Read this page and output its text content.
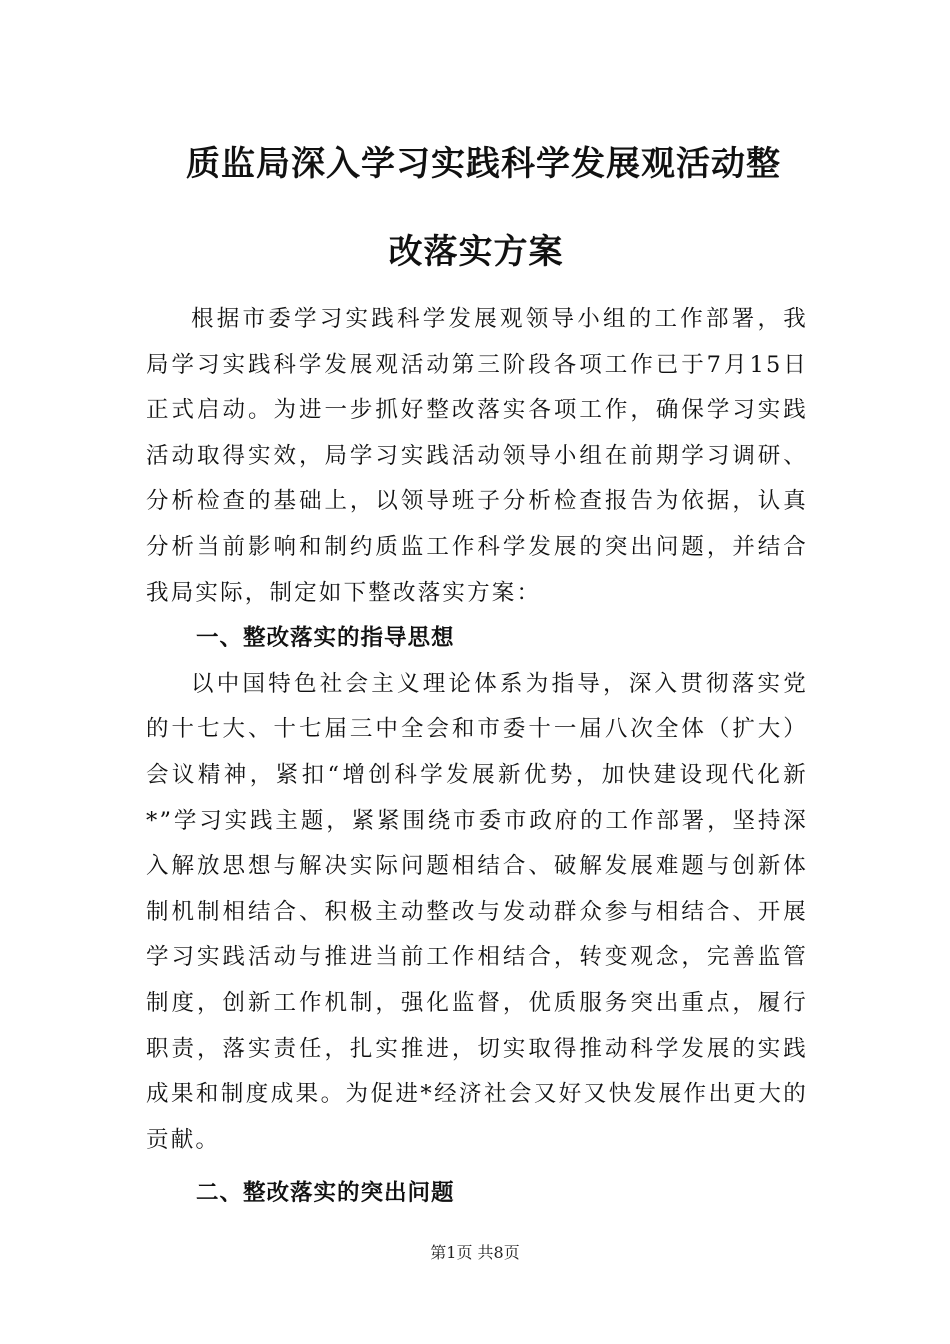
质监局深入学习实践科学发展观活动整
改落实方案

根据市委学习实践科学发展观领导小组的工作部署，我局学习实践科学发展观活动第三阶段各项工作已于7月15日正式启动。为进一步抓好整改落实各项工作，确保学习实践活动取得实效，局学习实践活动领导小组在前期学习调研、分析检查的基础上，以领导班子分析检查报告为依据，认真分析当前影响和制约质监工作科学发展的突出问题，并结合我局实际，制定如下整改落实方案：

一、整改落实的指导思想

以中国特色社会主义理论体系为指导，深入贯彻落实党的十七大、十七届三中全会和市委十一届八次全体（扩大）会议精神，紧扣“增创科学发展新优势，加快建设现代化新*”学习实践主题，紧紧围绕市委市政府的工作部署，坚持深入解放思想与解决实际问题相结合、破解发展难题与创新体制机制相结合、积极主动整改与发动群众参与相结合、开展学习实践活动与推进当前工作相结合，转变观念，完善监管制度，创新工作机制，强化监督，优质服务突出重点，履行职责，落实责任，扎实推进，切实取得推动科学发展的实践成果和制度成果。为促进*经济社会又好又快发展作出更大的贡献。

二、整改落实的突出问题
第1页 共8页
